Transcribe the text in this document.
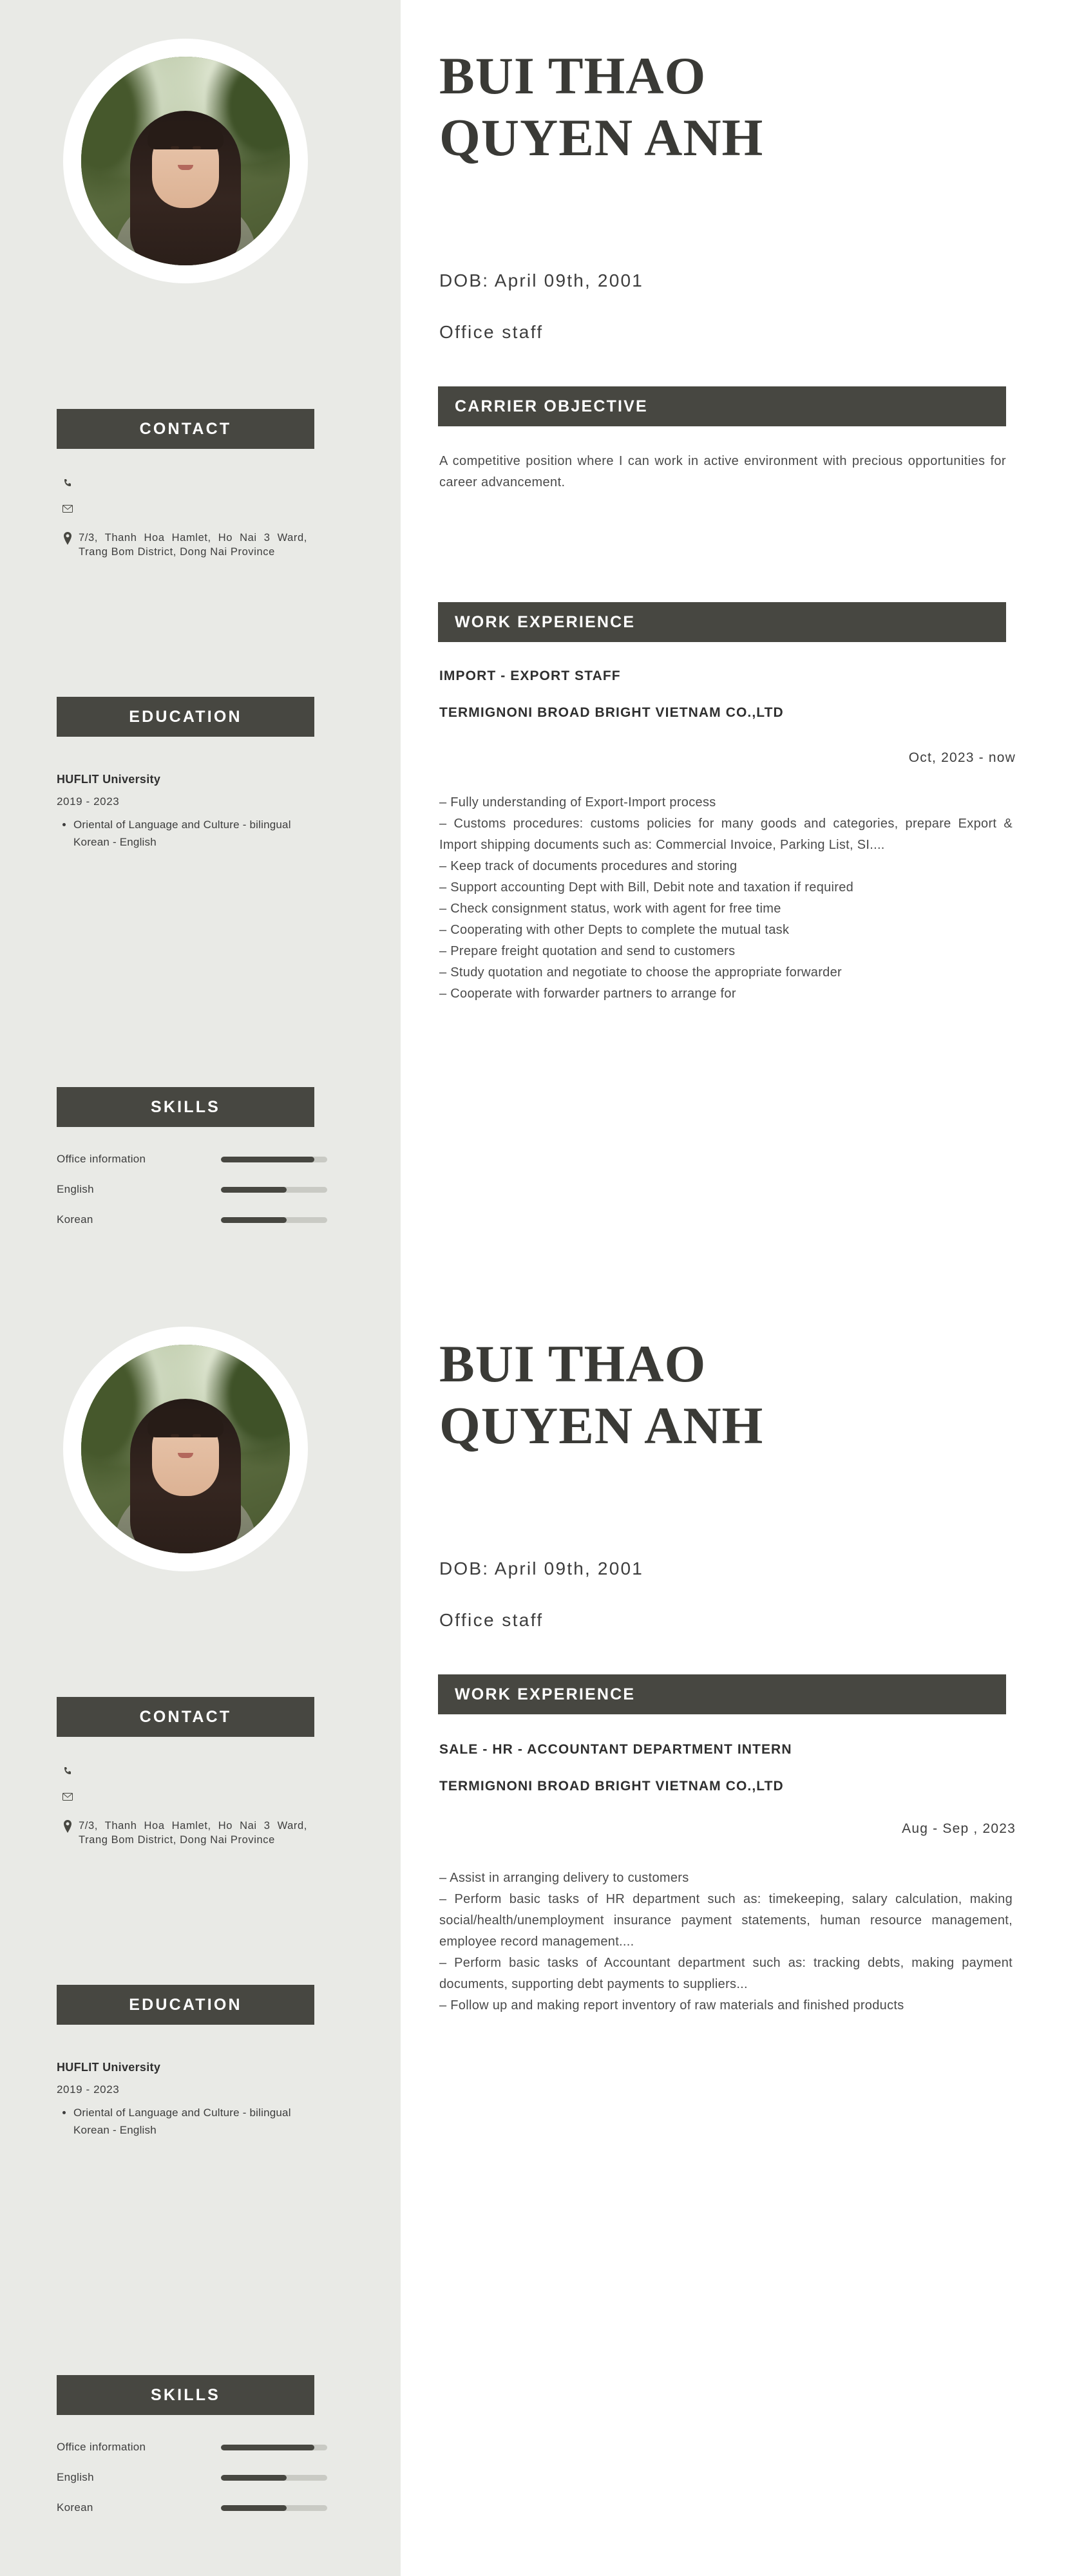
CONTACT
7/3, Thanh Hoa Hamlet, Ho Nai 3 Ward, Trang Bom District, Dong Nai Province
EDUCATION
HUFLIT University
2019 - 2023
• Oriental of Language and Culture - bilingual Korean - English
SKILLS
Office information
English
Korean
BUI THAO
QUYEN ANH
DOB: April 09th, 2001
Office staff
CARRIER OBJECTIVE
A competitive position where I can work in active environment with precious opportunities for career advancement.
WORK EXPERIENCE
IMPORT - EXPORT STAFF
TERMIGNONI BROAD BRIGHT VIETNAM CO.,LTD
Oct, 2023 - now
– Fully understanding of Export-Import process
– Customs procedures: customs policies for many goods and categories, prepare Export & Import shipping documents such as: Commercial Invoice, Parking List, SI....
– Keep track of documents procedures and storing
– Support accounting Dept with Bill, Debit note and taxation if required
– Check consignment status, work with agent for free time
– Cooperating with other Depts to complete the mutual task
– Prepare freight quotation and send to customers
– Study quotation and negotiate to choose the appropriate forwarder
– Cooperate with forwarder partners to arrange for
CONTACT
7/3, Thanh Hoa Hamlet, Ho Nai 3 Ward, Trang Bom District, Dong Nai Province
EDUCATION
HUFLIT University
2019 - 2023
• Oriental of Language and Culture - bilingual Korean - English
SKILLS
Office information
English
Korean
BUI THAO
QUYEN ANH
DOB: April 09th, 2001
Office staff
WORK EXPERIENCE
SALE - HR - ACCOUNTANT DEPARTMENT INTERN
TERMIGNONI BROAD BRIGHT VIETNAM CO.,LTD
Aug - Sep , 2023
– Assist in arranging delivery to customers
– Perform basic tasks of HR department such as: timekeeping, salary calculation, making social/health/unemployment insurance payment statements, human resource management, employee record management....
– Perform basic tasks of Accountant department such as: tracking debts, making payment documents, supporting debt payments to suppliers...
– Follow up and making report inventory of raw materials and finished products
